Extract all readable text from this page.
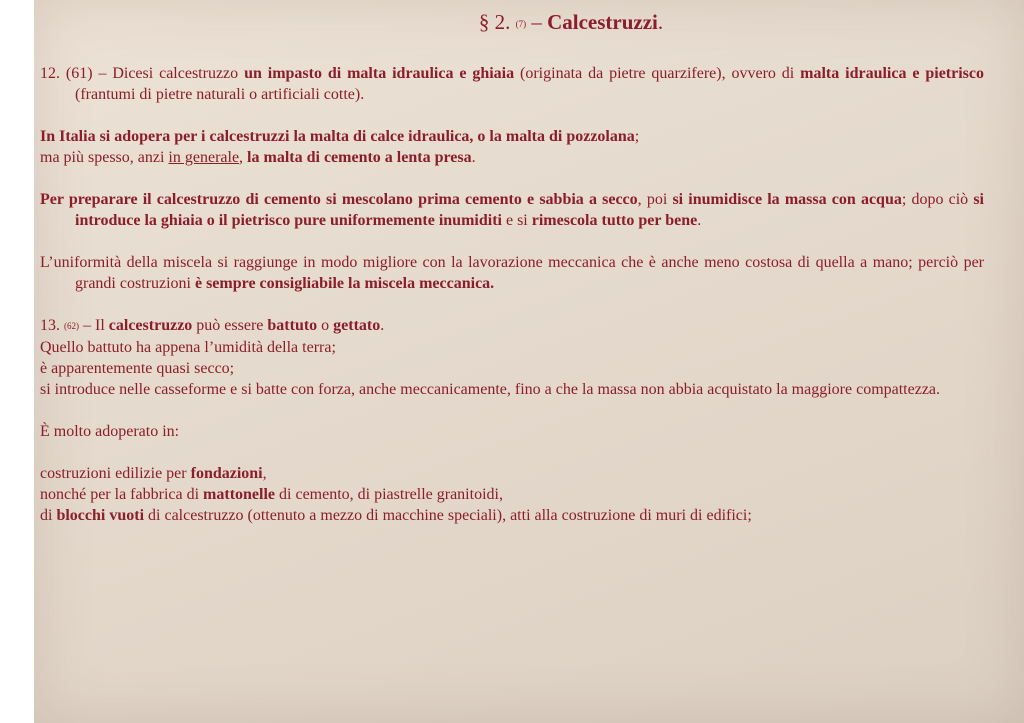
§ 2. (7) – Calcestruzzi.

12. (61) – Dicesi calcestruzzo un impasto di malta idraulica e ghiaia (originata da pietre quarzifere), ovvero di malta idraulica e pietrisco (frantumi di pietre naturali o artificiali cotte).

In Italia si adopera per i calcestruzzi la malta di calce idraulica, o la malta di pozzolana;

ma più spesso, anzi in generale, la malta di cemento a lenta presa.

Per preparare il calcestruzzo di cemento si mescolano prima cemento e sabbia a secco, poi si inumidisce la massa con acqua; dopo ciò si introduce la ghiaia o il pietrisco pure uniformemente inumiditi e si rimescola tutto per bene.

L’uniformità della miscela si raggiunge in modo migliore con la lavorazione meccanica che è anche meno costosa di quella a mano; perciò per grandi costruzioni è sempre consigliabile la miscela meccanica.

13. (62) – Il calcestruzzo può essere battuto o gettato.

Quello battuto ha appena l’umidità della terra;

è apparentemente quasi secco;

si introduce nelle casseforme e si batte con forza, anche meccanicamente, fino a che la massa non abbia acquistato la maggiore compattezza.

È molto adoperato in:

costruzioni edilizie per fondazioni,

nonché per la fabbrica di mattonelle di cemento, di piastrelle granitoidi,

di blocchi vuoti di calcestruzzo (ottenuto a mezzo di macchine speciali), atti alla costruzione di muri di edifici;
